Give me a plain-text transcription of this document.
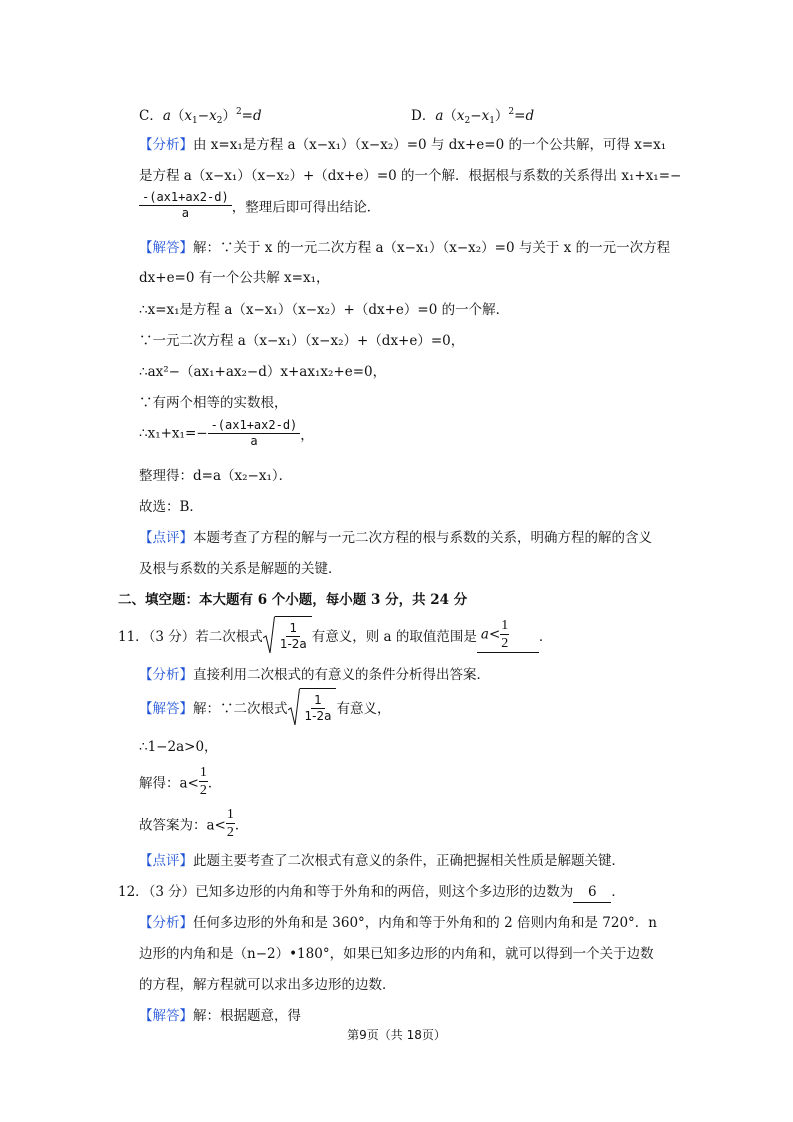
C．$a(x_1-x_2)^2=d$	D．$a(x_2-x_1)^2=d$
【分析】由 x=x₁是方程 a（x−x₁）（x−x₂）=0 与 dx+e=0 的一个公共解，可得 x=x₁
是方程 a（x−x₁）（x−x₂）+（dx+e）=0 的一个解．根据根与系数的关系得出 x₁+x₁=−
$\frac{-(ax1+ax2-d)}{a}$ ，整理后即可得出结论．
【解答】解：∵关于 x 的一元二次方程 a（x−x₁）（x−x₂）=0 与关于 x 的一元一次方程
dx+e=0 有一个公共解 x=x₁，
∴x=x₁是方程 a（x−x₁）（x−x₂）+（dx+e）=0 的一个解．
∵一元二次方程 a（x−x₁）（x−x₂）+（dx+e）=0，
∴ax²−（ax₁+ax₂−d）x+ax₁x₂+e=0，
∵有两个相等的实数根，
∴x₁+x₁=− $\frac{-(ax1+ax2-d)}{a}$ ，
整理得：d=a（x₂−x₁）．
故选：B．
【点评】本题考查了方程的解与一元二次方程的根与系数的关系，明确方程的解的含义
及根与系数的关系是解题的关键．
二、填空题：本大题有 6 个小题，每小题 3 分，共 24 分
11．（3 分）若二次根式 $\frac{1}{1-2a}$ 有意义，则 a 的取值范围是 $a< \frac{1}{2}$ ．
【分析】直接利用二次根式的有意义的条件分析得出答案．
【解答】解：∵二次根式 $\frac{1}{1-2a}$ 有意义，
∴1−2a>0，
解得：$a< \frac{1}{2}$ ．
故答案为：$a< \frac{1}{2}$ ．
【点评】此题主要考查了二次根式有意义的条件，正确把握相关性质是解题关键．
12．（3 分）已知多边形的内角和等于外角和的两倍，则这个多边形的边数为 6 ．
【分析】任何多边形的外角和是 360°，内角和等于外角和的 2 倍则内角和是 720°．n
边形的内角和是（n−2）•180°，如果已知多边形的内角和，就可以得到一个关于边数
的方程，解方程就可以求出多边形的边数．
【解答】解：根据题意，得
第9页（共 18页）
